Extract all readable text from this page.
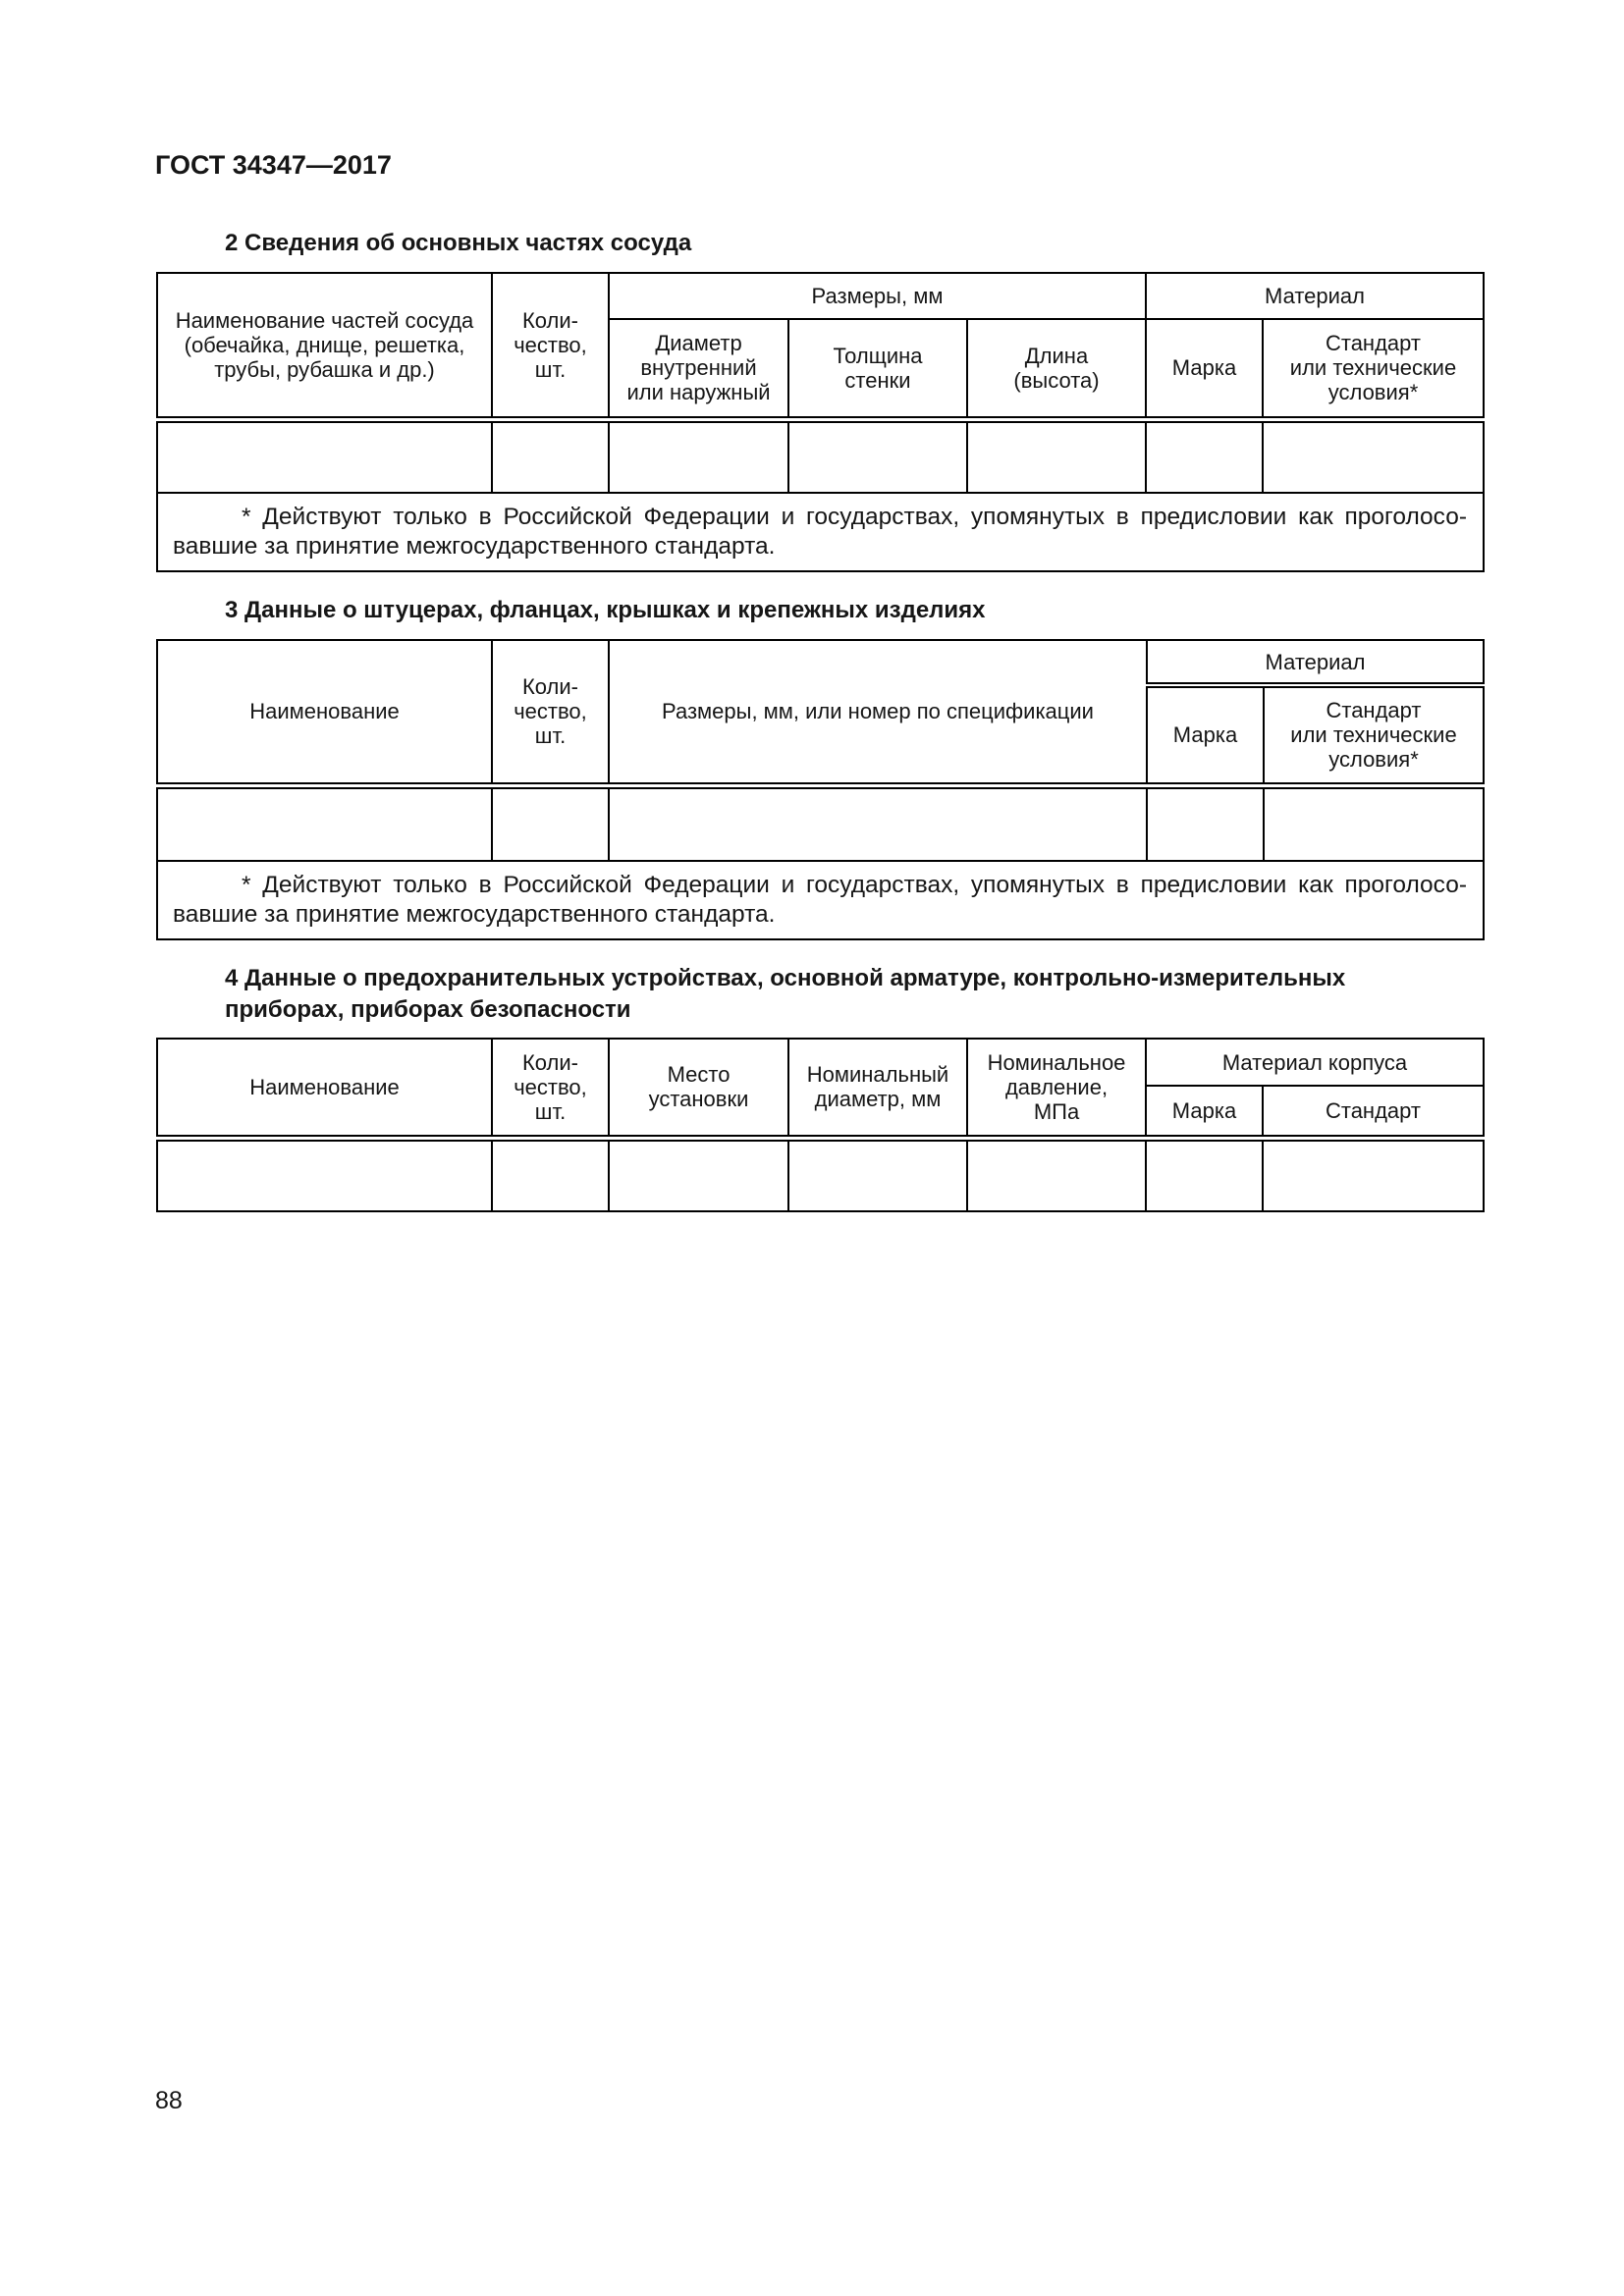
ГОСТ 34347—2017
2 Сведения об основных частях сосуда
Наименование частей сосуда
(обечайка, днище, решетка,
трубы, рубашка и др.)	Коли-
чество,
шт.	Размеры, мм			Материал	

		Диаметр
внутренний
или наружный	Толщина
стенки	Длина
(высота)	Марка	Стандарт
или технические
условия*

* Действуют только в Российской Федерации и государствах, упомянутых в предисловии как проголосо-
вавшие за принятие межгосударственного стандарта.						
3 Данные о штуцерах, фланцах, крышках и крепежных изделиях
Наименование	Коли-
чество,
шт.	Размеры, мм, или номер по спецификации	Материал	
			Марка	Стандарт
или технические
условия*

* Действуют только в Российской Федерации и государствах, упомянутых в предисловии как проголосо-
вавшие за принятие межгосударственного стандарта.				
4 Данные о предохранительных устройствах, основной арматуре, контрольно-измерительных
приборах, приборах безопасности
Наименование	Коли-
чество,
шт.	Место
установки	Номинальный
диаметр, мм	Номинальное
давление,
МПа	Материал корпуса	
					Марка	Стандарт

88
